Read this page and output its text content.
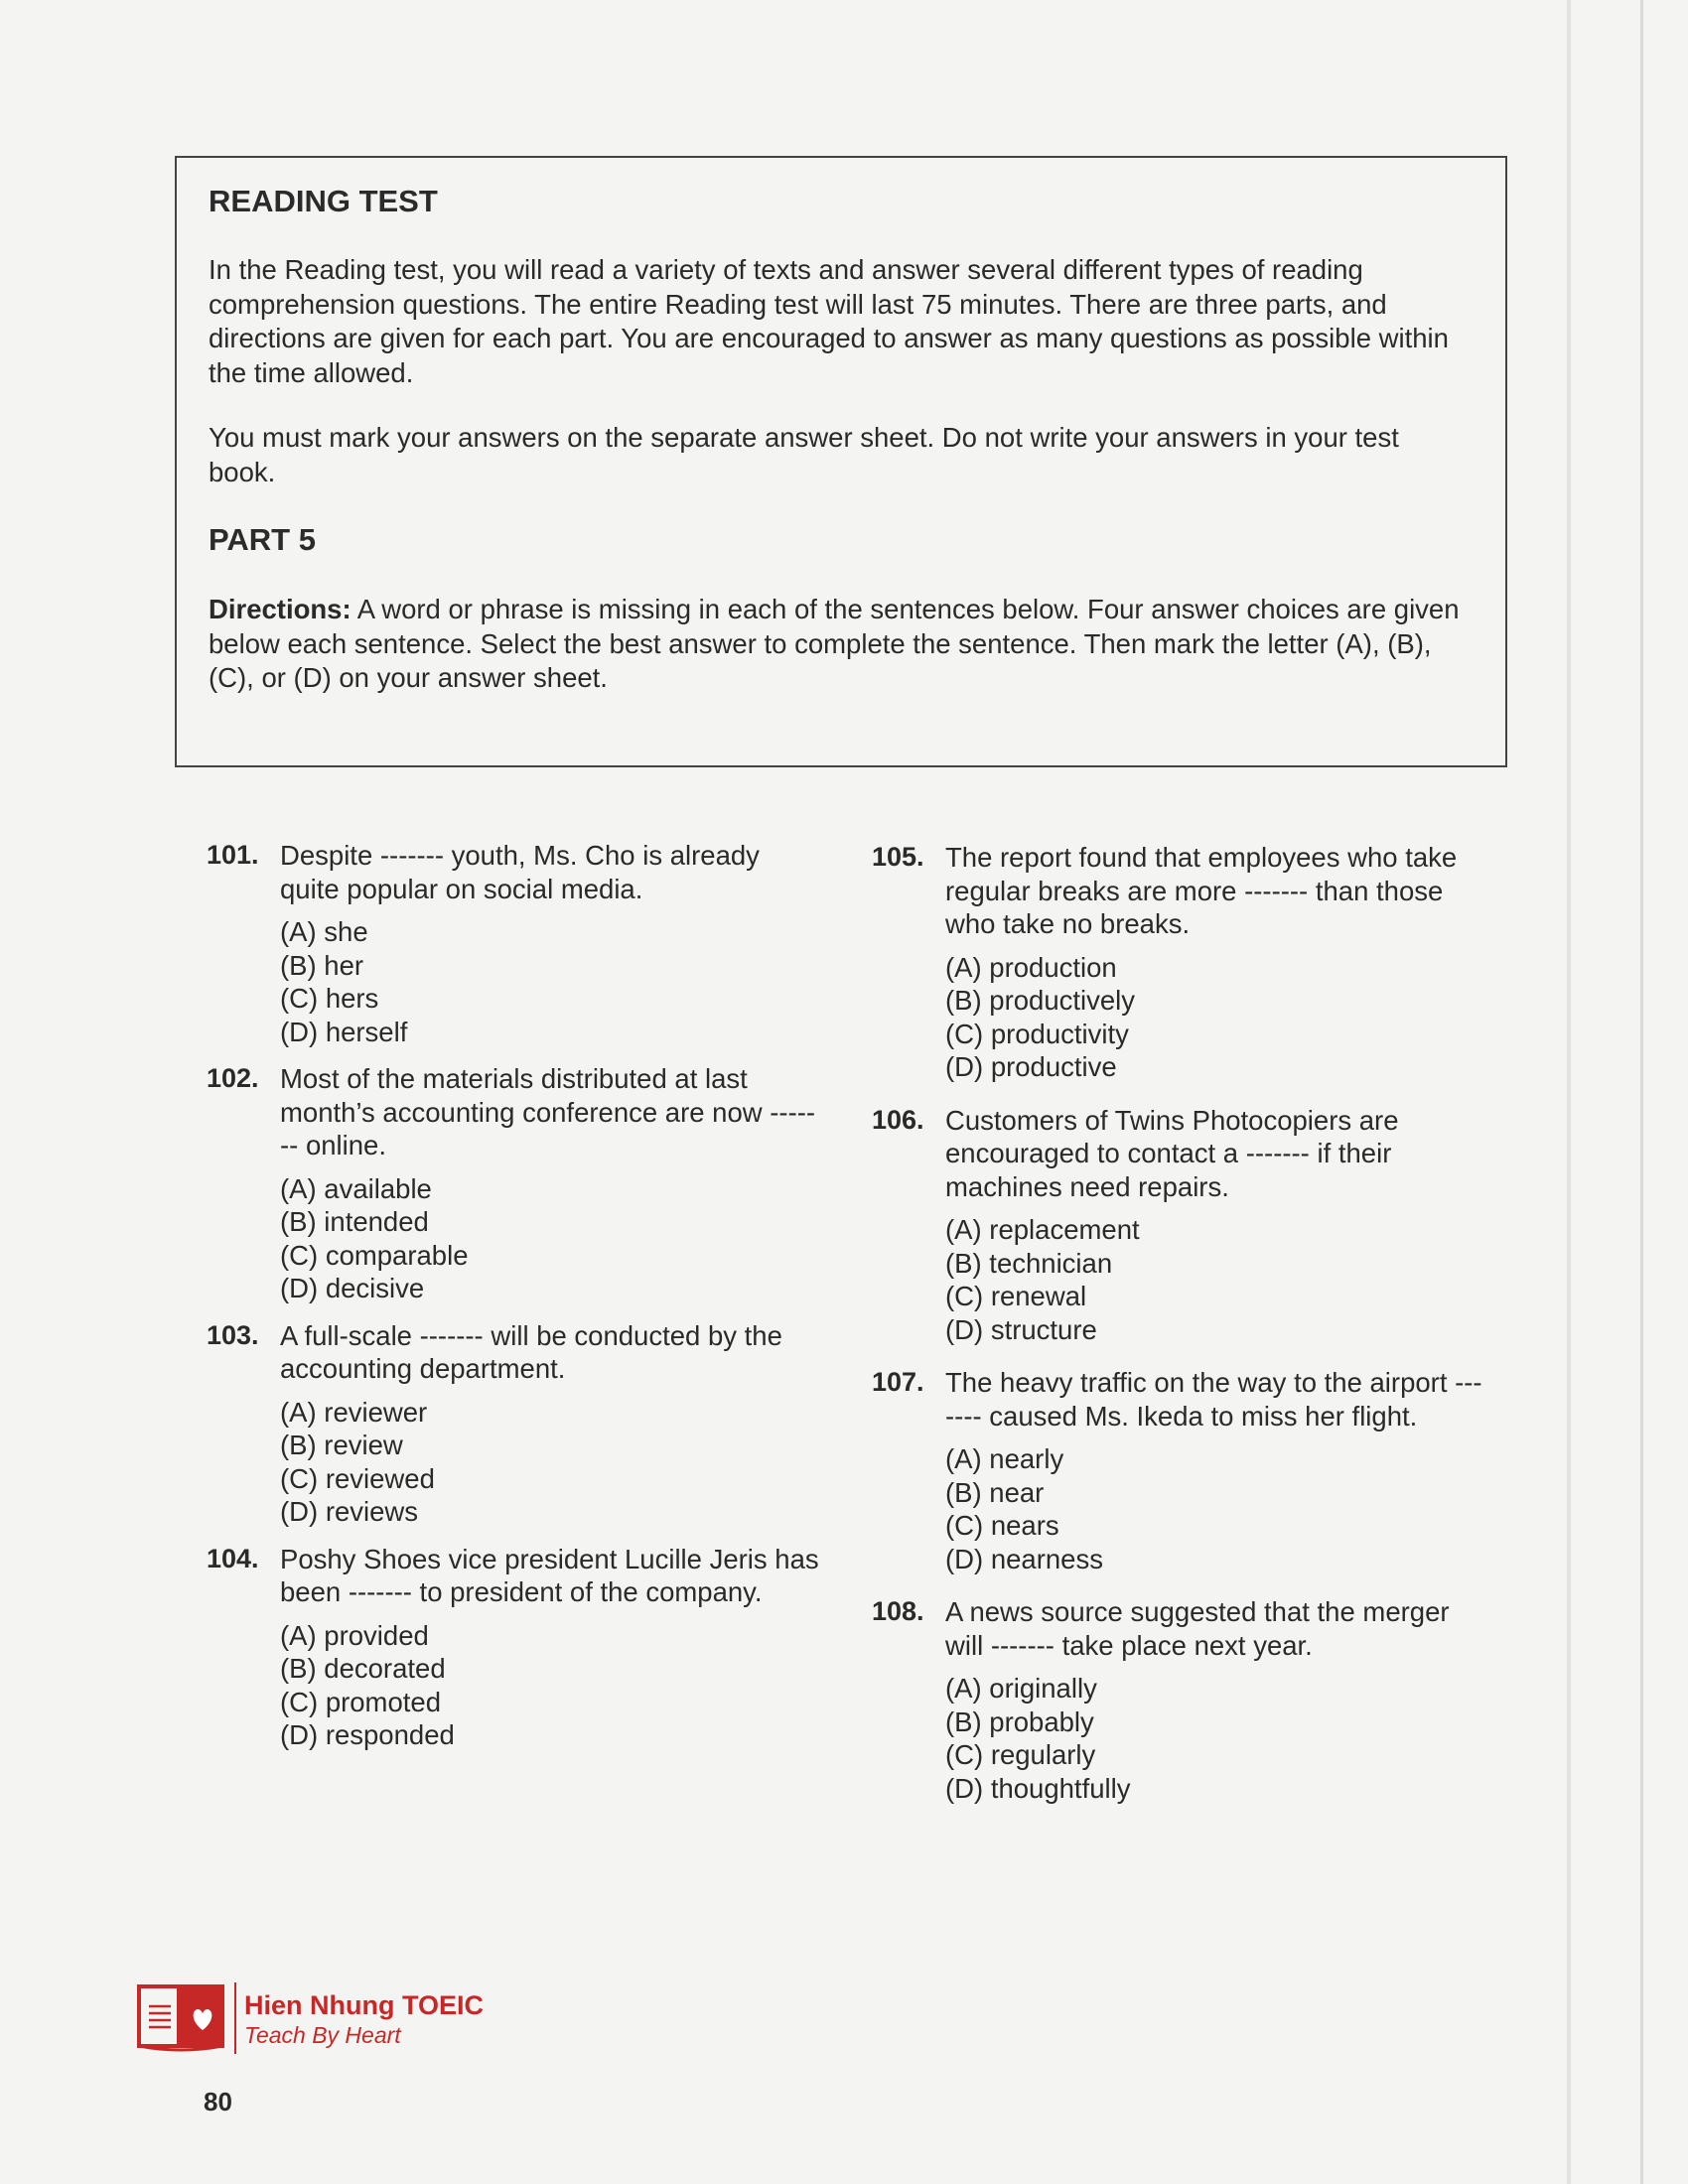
READING TEST

In the Reading test, you will read a variety of texts and answer several different types of reading comprehension questions. The entire Reading test will last 75 minutes. There are three parts, and directions are given for each part. You are encouraged to answer as many questions as possible within the time allowed.

You must mark your answers on the separate answer sheet. Do not write your answers in your test book.

PART 5

Directions: A word or phrase is missing in each of the sentences below. Four answer choices are given below each sentence. Select the best answer to complete the sentence. Then mark the letter (A), (B), (C), or (D) on your answer sheet.

101. Despite ------- youth, Ms. Cho is already quite popular on social media.

(A) she
(B) her
(C) hers
(D) herself
102. Most of the materials distributed at last month’s accounting conference are now ------- online.

(A) available
(B) intended
(C) comparable
(D) decisive
103. A full-scale ------- will be conducted by the accounting department.

(A) reviewer
(B) review
(C) reviewed
(D) reviews
104. Poshy Shoes vice president Lucille Jeris has been ------- to president of the company.

(A) provided
(B) decorated
(C) promoted
(D) responded
105. The report found that employees who take regular breaks are more ------- than those who take no breaks.

(A) production
(B) productively
(C) productivity
(D) productive
106. Customers of Twins Photocopiers are encouraged to contact a ------- if their machines need repairs.

(A) replacement
(B) technician
(C) renewal
(D) structure
107. The heavy traffic on the way to the airport ------- caused Ms. Ikeda to miss her flight.

(A) nearly
(B) near
(C) nears
(D) nearness
108. A news source suggested that the merger will ------- take place next year.

(A) originally
(B) probably
(C) regularly
(D) thoughtfully
Hien Nhung TOEIC
Teach By Heart
80
